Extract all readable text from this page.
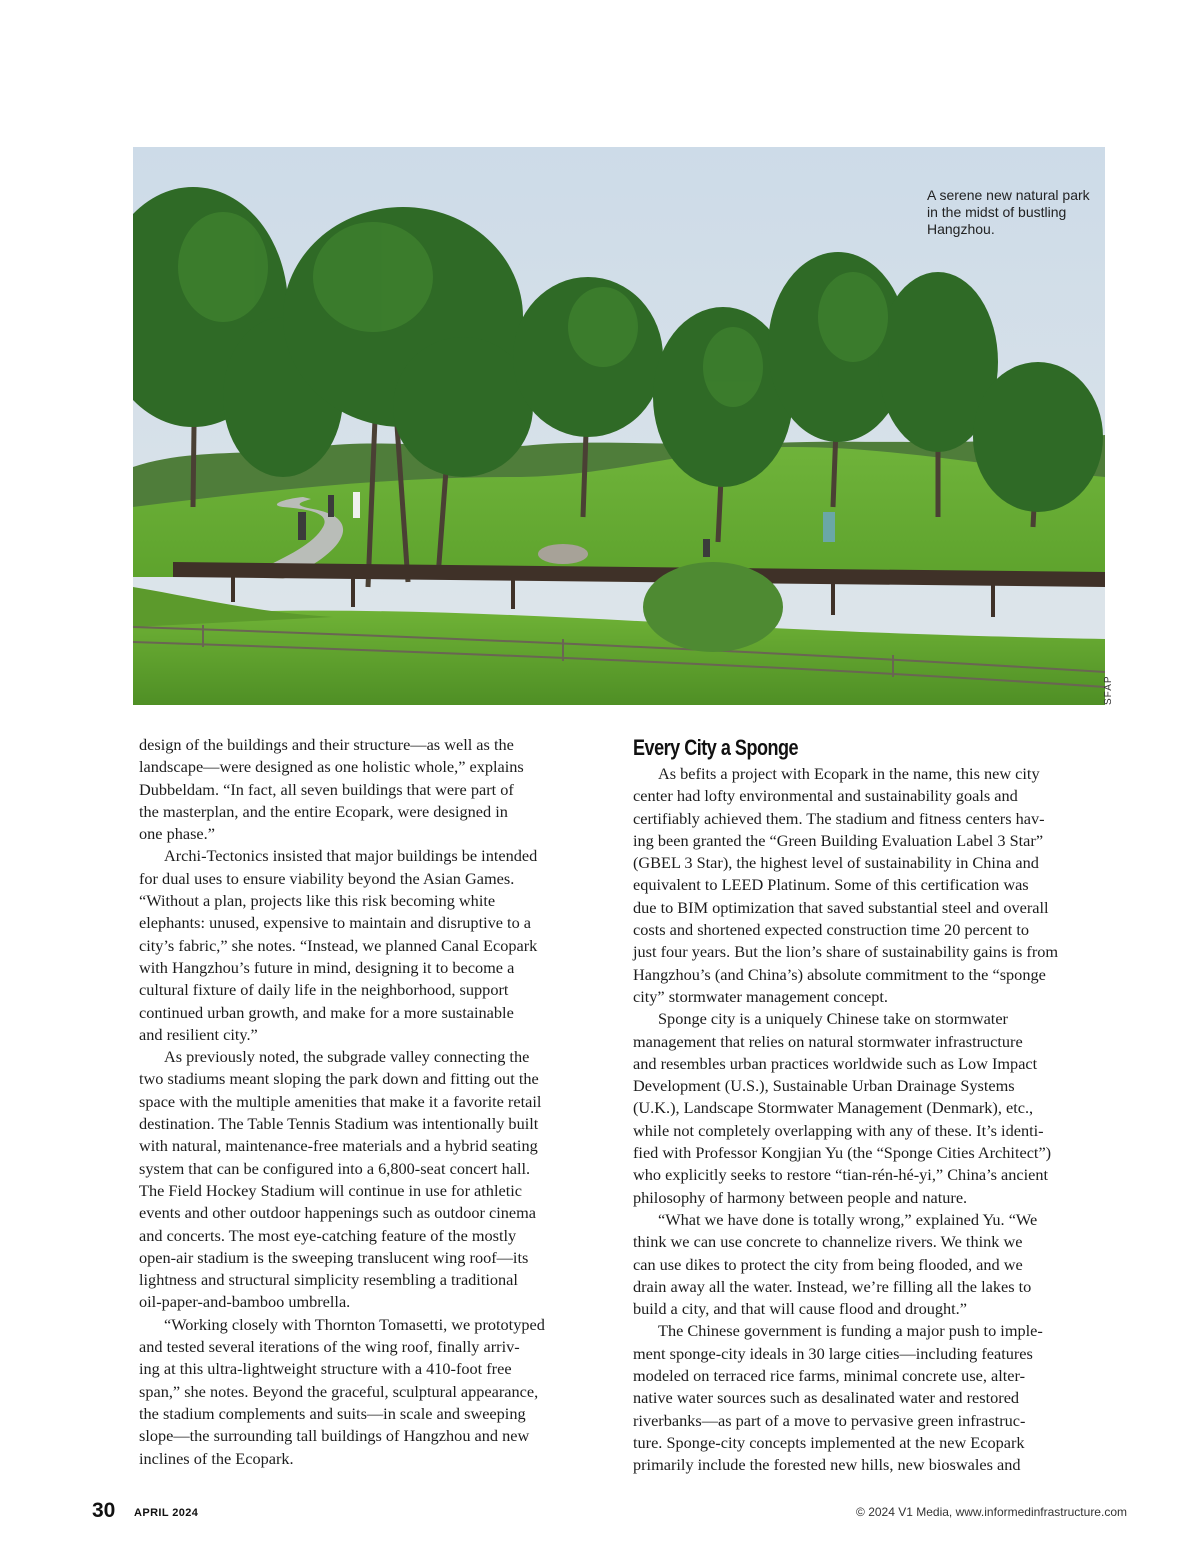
A serene new natural park
in the midst of bustling
Hangzhou.
SFAP

design of the buildings and their structure—as well as the
landscape—were designed as one holistic whole,” explains
Dubbeldam. “In fact, all seven buildings that were part of
the masterplan, and the entire Ecopark, were designed in
one phase.”

Archi-Tectonics insisted that major buildings be intended
for dual uses to ensure viability beyond the Asian Games.
“Without a plan, projects like this risk becoming white
elephants: unused, expensive to maintain and disruptive to a
city’s fabric,” she notes. “Instead, we planned Canal Ecopark
with Hangzhou’s future in mind, designing it to become a
cultural fixture of daily life in the neighborhood, support
continued urban growth, and make for a more sustainable
and resilient city.”

As previously noted, the subgrade valley connecting the
two stadiums meant sloping the park down and fitting out the
space with the multiple amenities that make it a favorite retail
destination. The Table Tennis Stadium was intentionally built
with natural, maintenance-free materials and a hybrid seating
system that can be configured into a 6,800-seat concert hall.
The Field Hockey Stadium will continue in use for athletic
events and other outdoor happenings such as outdoor cinema
and concerts. The most eye-catching feature of the mostly
open-air stadium is the sweeping translucent wing roof—its
lightness and structural simplicity resembling a traditional
oil-paper-and-bamboo umbrella.

“Working closely with Thornton Tomasetti, we prototyped
and tested several iterations of the wing roof, finally arriv-
ing at this ultra-lightweight structure with a 410-foot free
span,” she notes. Beyond the graceful, sculptural appearance,
the stadium complements and suits—in scale and sweeping
slope—the surrounding tall buildings of Hangzhou and new
inclines of the Ecopark.

Every City a Sponge

As befits a project with Ecopark in the name, this new city
center had lofty environmental and sustainability goals and
certifiably achieved them. The stadium and fitness centers hav-
ing been granted the “Green Building Evaluation Label 3 Star”
(GBEL 3 Star), the highest level of sustainability in China and
equivalent to LEED Platinum. Some of this certification was
due to BIM optimization that saved substantial steel and overall
costs and shortened expected construction time 20 percent to
just four years. But the lion’s share of sustainability gains is from
Hangzhou’s (and China’s) absolute commitment to the “sponge
city” stormwater management concept.

Sponge city is a uniquely Chinese take on stormwater
management that relies on natural stormwater infrastructure
and resembles urban practices worldwide such as Low Impact
Development (U.S.), Sustainable Urban Drainage Systems
(U.K.), Landscape Stormwater Management (Denmark), etc.,
while not completely overlapping with any of these. It’s identi-
fied with Professor Kongjian Yu (the “Sponge Cities Architect”)
who explicitly seeks to restore “tian-rén-hé-yi,” China’s ancient
philosophy of harmony between people and nature.

“What we have done is totally wrong,” explained Yu. “We
think we can use concrete to channelize rivers. We think we
can use dikes to protect the city from being flooded, and we
drain away all the water. Instead, we’re filling all the lakes to
build a city, and that will cause flood and drought.”

The Chinese government is funding a major push to imple-
ment sponge-city ideals in 30 large cities—including features
modeled on terraced rice farms, minimal concrete use, alter-
native water sources such as desalinated water and restored
riverbanks—as part of a move to pervasive green infrastruc-
ture. Sponge-city concepts implemented at the new Ecopark
primarily include the forested new hills, new bioswales and

30 APRIL 2024	© 2024 V1 Media, www.informedinfrastructure.com
